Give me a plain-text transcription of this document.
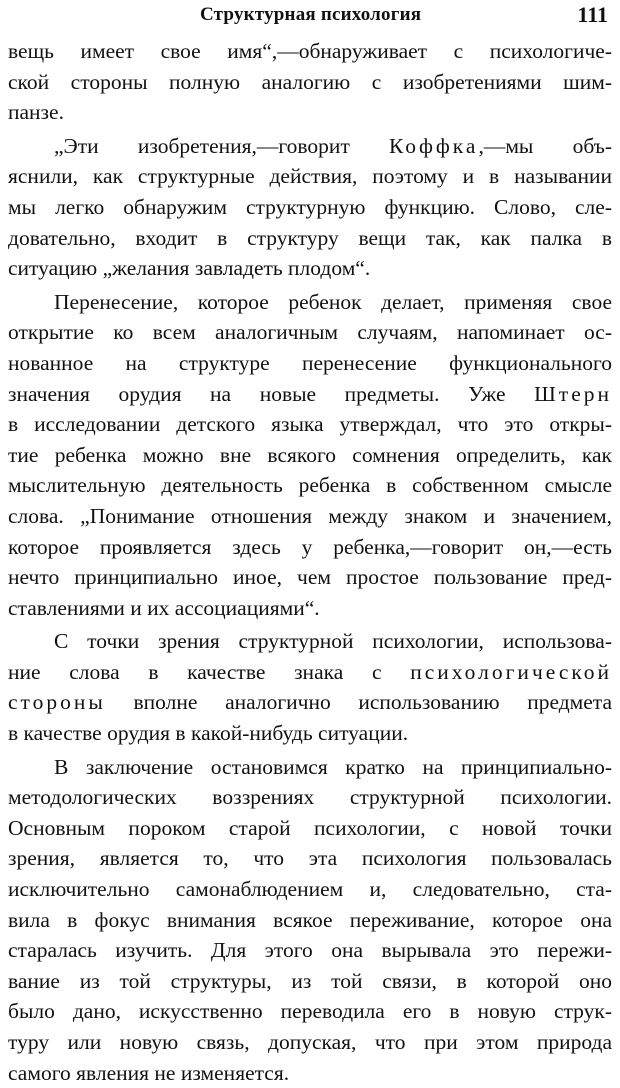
Структурная психология	111
вещь имеет свое имя“,—обнаруживает с психологиче-
ской стороны полную аналогию с изобретениями шим-
панзе.
„Эти изобретения,—говорит Коффка,—мы объ-
яснили, как структурные действия, поэтому и в назывании
мы легко обнаружим структурную функцию. Слово, сле-
довательно, входит в структуру вещи так, как палка в
ситуацию „желания завладеть плодом“.
Перенесение, которое ребенок делает, применяя свое
открытие ко всем аналогичным случаям, напоминает ос-
нованное на структуре перенесение функционального
значения орудия на новые предметы. Уже Штерн
в исследовании детского языка утверждал, что это откры-
тие ребенка можно вне всякого сомнения определить, как
мыслительную деятельность ребенка в собственном смысле
слова. „Понимание отношения между знаком и значением,
которое проявляется здесь у ребенка,—говорит он,—есть
нечто принципиально иное, чем простое пользование пред-
ставлениями и их ассоциациями“.
С точки зрения структурной психологии, использова-
ние слова в качестве знака с психологической
стороны вполне аналогично использованию предмета
в качестве орудия в какой-нибудь ситуации.
В заключение остановимся кратко на принципиально-
методологических воззрениях структурной психологии.
Основным пороком старой психологии, с новой точки
зрения, является то, что эта психология пользовалась
исключительно самонаблюдением и, следовательно, ста-
вила в фокус внимания всякое переживание, которое она
старалась изучить. Для этого она вырывала это пережи-
вание из той структуры, из той связи, в которой оно
было дано, искусственно переводила его в новую струк-
туру или новую связь, допуская, что при этом природа
самого явления не изменяется.
